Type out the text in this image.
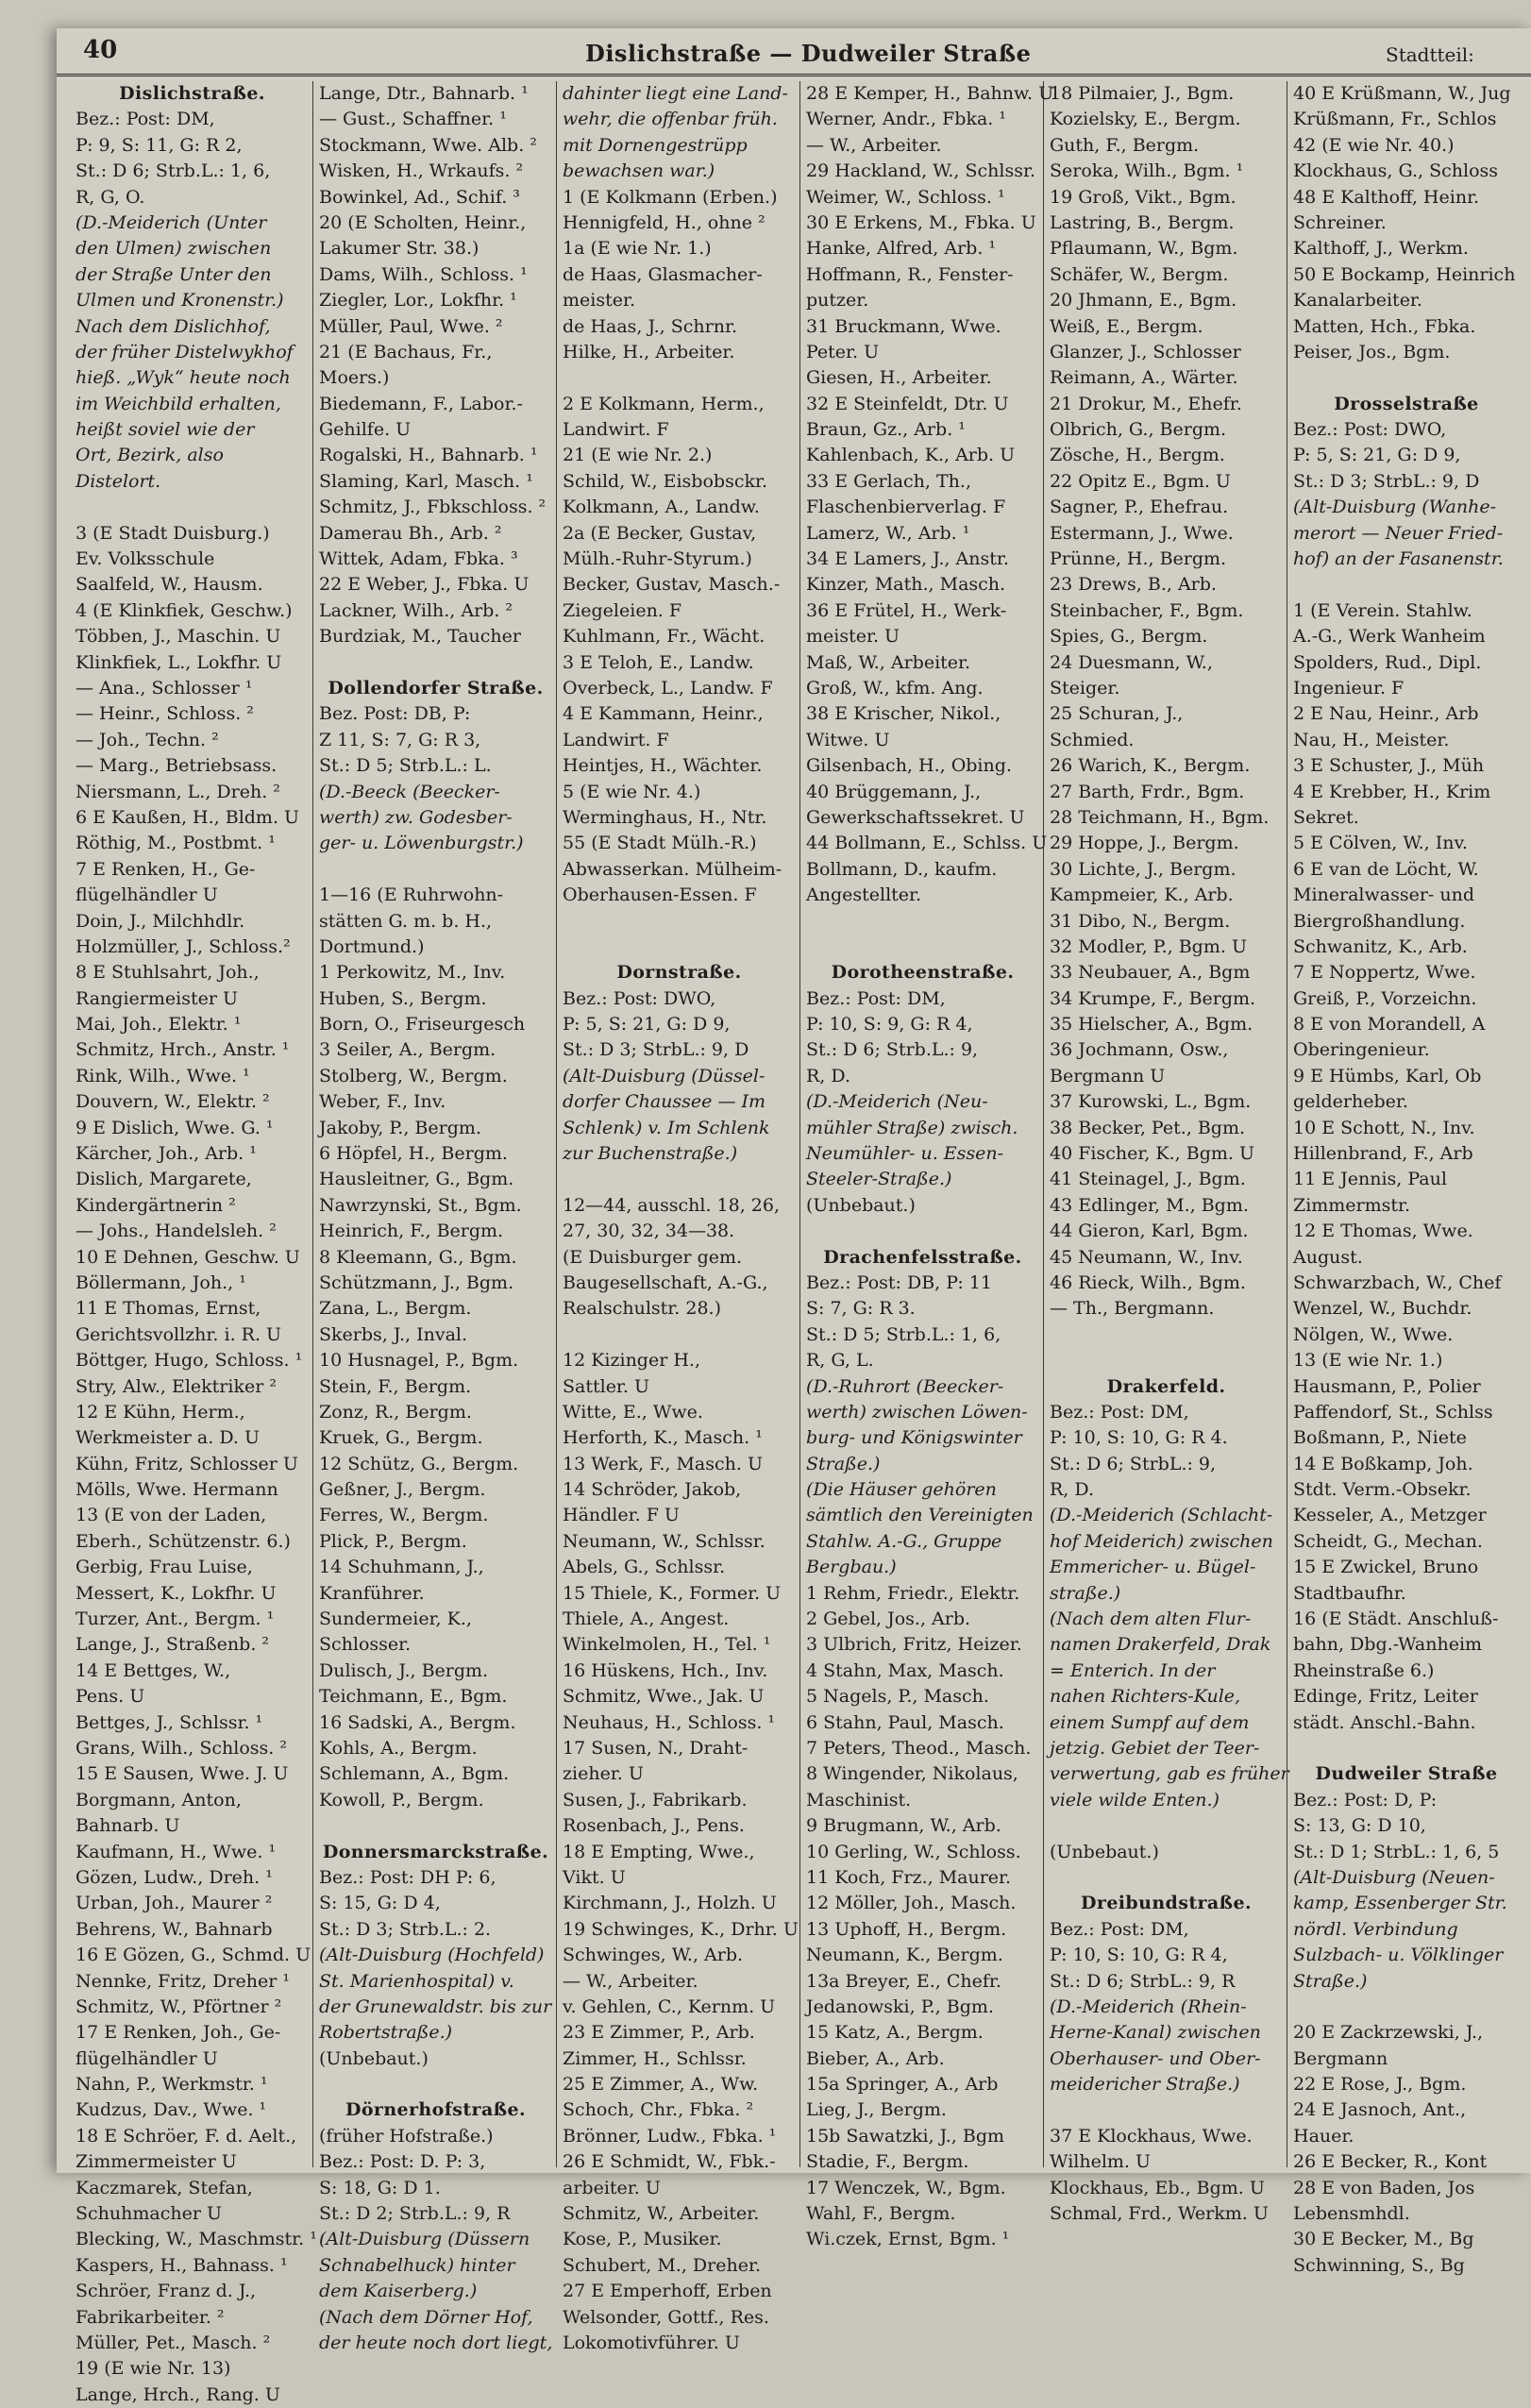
40	Dislichstraße — Dudweiler Straße	Stadtteil:
Dislichstraße.
Bez.: Post: DM,
P: 9, S: 11, G: R 2,
St.: D 6; Strb.L.: 1, 6,
R, G, O.
(D.-Meiderich (Unter
den Ulmen) zwischen
der Straße Unter den
Ulmen und Kronenstr.)
Nach dem Dislichhof,
der früher Distelwykhof
hieß. „Wyk“ heute noch
im Weichbild erhalten,
heißt soviel wie der
Ort, Bezirk, also
Distelort.
3 (E Stadt Duisburg.)
Ev. Volksschule
Saalfeld, W., Hausm.
4 (E Klinkfiek, Geschw.)
Többen, J., Maschin. U
Klinkfiek, L., Lokfhr. U
— Ana., Schlosser ¹
— Heinr., Schloss. ²
— Joh., Techn. ²
— Marg., Betriebsass.
Niersmann, L., Dreh. ²
6 E Kaußen, H., Bldm. U
Röthig, M., Postbmt. ¹
7 E Renken, H., Ge-
flügelhändler U
Doin, J., Milchhdlr.
Holzmüller, J., Schloss.²
8 E Stuhlsahrt, Joh.,
Rangiermeister U
Mai, Joh., Elektr. ¹
Schmitz, Hrch., Anstr. ¹
Rink, Wilh., Wwe. ¹
Douvern, W., Elektr. ²
9 E Dislich, Wwe. G. ¹
Kärcher, Joh., Arb. ¹
Dislich, Margarete,
Kindergärtnerin ²
— Johs., Handelsleh. ²
10 E Dehnen, Geschw. U
Böllermann, Joh., ¹
11 E Thomas, Ernst,
Gerichtsvollzhr. i. R. U
Böttger, Hugo, Schloss. ¹
Stry, Alw., Elektriker ²
12 E Kühn, Herm.,
Werkmeister a. D. U
Kühn, Fritz, Schlosser U
Mölls, Wwe. Hermann
13 (E von der Laden,
Eberh., Schützenstr. 6.)
Gerbig, Frau Luise,
Messert, K., Lokfhr. U
Turzer, Ant., Bergm. ¹
Lange, J., Straßenb. ²
14 E Bettges, W.,
Pens. U
Bettges, J., Schlssr. ¹
Grans, Wilh., Schloss. ²
15 E Sausen, Wwe. J. U
Borgmann, Anton,
Bahnarb. U
Kaufmann, H., Wwe. ¹
Gözen, Ludw., Dreh. ¹
Urban, Joh., Maurer ²
Behrens, W., Bahnarb
16 E Gözen, G., Schmd. U
Nennke, Fritz, Dreher ¹
Schmitz, W., Pförtner ²
17 E Renken, Joh., Ge-
flügelhändler U
Nahn, P., Werkmstr. ¹
Kudzus, Dav., Wwe. ¹
18 E Schröer, F. d. Aelt.,
Zimmermeister U
Kaczmarek, Stefan,
Schuhmacher U
Blecking, W., Maschmstr. ¹
Kaspers, H., Bahnass. ¹
Schröer, Franz d. J.,
Fabrikarbeiter. ²
Müller, Pet., Masch. ²
19 (E wie Nr. 13)
Lange, Hrch., Rang. U
Lange, Dtr., Bahnarb. ¹
— Gust., Schaffner. ¹
Stockmann, Wwe. Alb. ²
Wisken, H., Wrkaufs. ²
Bowinkel, Ad., Schif. ³
20 (E Scholten, Heinr.,
Lakumer Str. 38.)
Dams, Wilh., Schloss. ¹
Ziegler, Lor., Lokfhr. ¹
Müller, Paul, Wwe. ²
21 (E Bachaus, Fr.,
Moers.)
Biedemann, F., Labor.-
Gehilfe. U
Rogalski, H., Bahnarb. ¹
Slaming, Karl, Masch. ¹
Schmitz, J., Fbkschloss. ²
Damerau Bh., Arb. ²
Wittek, Adam, Fbka. ³
22 E Weber, J., Fbka. U
Lackner, Wilh., Arb. ²
Burdziak, M., Taucher
Dollendorfer Straße.
Bez. Post: DB, P:
Z 11, S: 7, G: R 3,
St.: D 5; Strb.L.: L.
(D.-Beeck (Beecker-
werth) zw. Godesber-
ger- u. Löwenburgstr.)
1—16 (E Ruhrwohn-
stätten G. m. b. H.,
Dortmund.)
1 Perkowitz, M., Inv.
Huben, S., Bergm.
Born, O., Friseurgesch
3 Seiler, A., Bergm.
Stolberg, W., Bergm.
Weber, F., Inv.
Jakoby, P., Bergm.
6 Höpfel, H., Bergm.
Hausleitner, G., Bgm.
Nawrzynski, St., Bgm.
Heinrich, F., Bergm.
8 Kleemann, G., Bgm.
Schützmann, J., Bgm.
Zana, L., Bergm.
Skerbs, J., Inval.
10 Husnagel, P., Bgm.
Stein, F., Bergm.
Zonz, R., Bergm.
Kruek, G., Bergm.
12 Schütz, G., Bergm.
Geßner, J., Bergm.
Ferres, W., Bergm.
Plick, P., Bergm.
14 Schuhmann, J.,
Kranführer.
Sundermeier, K.,
Schlosser.
Dulisch, J., Bergm.
Teichmann, E., Bgm.
16 Sadski, A., Bergm.
Kohls, A., Bergm.
Schlemann, A., Bgm.
Kowoll, P., Bergm.
Donnersmarckstraße.
Bez.: Post: DH P: 6,
S: 15, G: D 4,
St.: D 3; Strb.L.: 2.
(Alt-Duisburg (Hochfeld)
St. Marienhospital) v.
der Grunewaldstr. bis zur
Robertstraße.)
(Unbebaut.)
Dörnerhofstraße.
(früher Hofstraße.)
Bez.: Post: D. P: 3,
S: 18, G: D 1.
St.: D 2; Strb.L.: 9, R
(Alt-Duisburg (Düssern
Schnabelhuck) hinter
dem Kaiserberg.)
(Nach dem Dörner Hof,
der heute noch dort liegt,
dahinter liegt eine Land-
wehr, die offenbar früh.
mit Dornengestrüpp
bewachsen war.)
1 (E Kolkmann (Erben.)
Hennigfeld, H., ohne ²
1a (E wie Nr. 1.)
de Haas, Glasmacher-
meister.
de Haas, J., Schrnr.
Hilke, H., Arbeiter.
2 E Kolkmann, Herm.,
Landwirt. F
21 (E wie Nr. 2.)
Schild, W., Eisbobsckr.
Kolkmann, A., Landw.
2a (E Becker, Gustav,
Mülh.-Ruhr-Styrum.)
Becker, Gustav, Masch.-
Ziegeleien. F
Kuhlmann, Fr., Wächt.
3 E Teloh, E., Landw.
Overbeck, L., Landw. F
4 E Kammann, Heinr.,
Landwirt. F
Heintjes, H., Wächter.
5 (E wie Nr. 4.)
Werminghaus, H., Ntr.
55 (E Stadt Mülh.-R.)
Abwasserkan. Mülheim-
Oberhausen-Essen. F
Dornstraße.
Bez.: Post: DWO,
P: 5, S: 21, G: D 9,
St.: D 3; StrbL.: 9, D
(Alt-Duisburg (Düssel-
dorfer Chaussee — Im
Schlenk) v. Im Schlenk
zur Buchenstraße.)
12—44, ausschl. 18, 26,
27, 30, 32, 34—38.
(E Duisburger gem.
Baugesellschaft, A.-G.,
Realschulstr. 28.)
12 Kizinger H.,
Sattler. U
Witte, E., Wwe.
Herforth, K., Masch. ¹
13 Werk, F., Masch. U
14 Schröder, Jakob,
Händler. F U
Neumann, W., Schlssr.
Abels, G., Schlssr.
15 Thiele, K., Former. U
Thiele, A., Angest.
Winkelmolen, H., Tel. ¹
16 Hüskens, Hch., Inv.
Schmitz, Wwe., Jak. U
Neuhaus, H., Schloss. ¹
17 Susen, N., Draht-
zieher. U
Susen, J., Fabrikarb.
Rosenbach, J., Pens.
18 E Empting, Wwe.,
Vikt. U
Kirchmann, J., Holzh. U
19 Schwinges, K., Drhr. U
Schwinges, W., Arb.
— W., Arbeiter.
v. Gehlen, C., Kernm. U
23 E Zimmer, P., Arb.
Zimmer, H., Schlssr.
25 E Zimmer, A., Ww.
Schoch, Chr., Fbka. ²
Brönner, Ludw., Fbka. ¹
26 E Schmidt, W., Fbk.-
arbeiter. U
Schmitz, W., Arbeiter.
Kose, P., Musiker.
Schubert, M., Dreher.
27 E Emperhoff, Erben
Welsonder, Gottf., Res.
Lokomotivführer. U
28 E Kemper, H., Bahnw. U
Werner, Andr., Fbka. ¹
— W., Arbeiter.
29 Hackland, W., Schlssr.
Weimer, W., Schloss. ¹
30 E Erkens, M., Fbka. U
Hanke, Alfred, Arb. ¹
Hoffmann, R., Fenster-
putzer.
31 Bruckmann, Wwe.
Peter. U
Giesen, H., Arbeiter.
32 E Steinfeldt, Dtr. U
Braun, Gz., Arb. ¹
Kahlenbach, K., Arb. U
33 E Gerlach, Th.,
Flaschenbierverlag. F
Lamerz, W., Arb. ¹
34 E Lamers, J., Anstr.
Kinzer, Math., Masch.
36 E Frütel, H., Werk-
meister. U
Maß, W., Arbeiter.
Groß, W., kfm. Ang.
38 E Krischer, Nikol.,
Witwe. U
Gilsenbach, H., Obing.
40 Brüggemann, J.,
Gewerkschaftssekret. U
44 Bollmann, E., Schlss. U
Bollmann, D., kaufm.
Angestellter.
Dorotheenstraße.
Bez.: Post: DM,
P: 10, S: 9, G: R 4,
St.: D 6; Strb.L.: 9,
R, D.
(D.-Meiderich (Neu-
mühler Straße) zwisch.
Neumühler- u. Essen-
Steeler-Straße.)
(Unbebaut.)
Drachenfelsstraße.
Bez.: Post: DB, P: 11
S: 7, G: R 3.
St.: D 5; Strb.L.: 1, 6,
R, G, L.
(D.-Ruhrort (Beecker-
werth) zwischen Löwen-
burg- und Königswinter
Straße.)
(Die Häuser gehören
sämtlich den Vereinigten
Stahlw. A.-G., Gruppe
Bergbau.)
1 Rehm, Friedr., Elektr.
2 Gebel, Jos., Arb.
3 Ulbrich, Fritz, Heizer.
4 Stahn, Max, Masch.
5 Nagels, P., Masch.
6 Stahn, Paul, Masch.
7 Peters, Theod., Masch.
8 Wingender, Nikolaus,
Maschinist.
9 Brugmann, W., Arb.
10 Gerling, W., Schloss.
11 Koch, Frz., Maurer.
12 Möller, Joh., Masch.
13 Uphoff, H., Bergm.
Neumann, K., Bergm.
13a Breyer, E., Chefr.
Jedanowski, P., Bgm.
15 Katz, A., Bergm.
Bieber, A., Arb.
15a Springer, A., Arb
Lieg, J., Bergm.
15b Sawatzki, J., Bgm
Stadie, F., Bergm.
17 Wenczek, W., Bgm.
Wahl, F., Bergm.
Wi.czek, Ernst, Bgm. ¹
18 Pilmaier, J., Bgm.
Kozielsky, E., Bergm.
Guth, F., Bergm.
Seroka, Wilh., Bgm. ¹
19 Groß, Vikt., Bgm.
Lastring, B., Bergm.
Pflaumann, W., Bgm.
Schäfer, W., Bergm.
20 Jhmann, E., Bgm.
Weiß, E., Bergm.
Glanzer, J., Schlosser
Reimann, A., Wärter.
21 Drokur, M., Ehefr.
Olbrich, G., Bergm.
Zösche, H., Bergm.
22 Opitz E., Bgm. U
Sagner, P., Ehefrau.
Estermann, J., Wwe.
Prünne, H., Bergm.
23 Drews, B., Arb.
Steinbacher, F., Bgm.
Spies, G., Bergm.
24 Duesmann, W.,
Steiger.
25 Schuran, J.,
Schmied.
26 Warich, K., Bergm.
27 Barth, Frdr., Bgm.
28 Teichmann, H., Bgm.
29 Hoppe, J., Bergm.
30 Lichte, J., Bergm.
Kampmeier, K., Arb.
31 Dibo, N., Bergm.
32 Modler, P., Bgm. U
33 Neubauer, A., Bgm
34 Krumpe, F., Bergm.
35 Hielscher, A., Bgm.
36 Jochmann, Osw.,
Bergmann U
37 Kurowski, L., Bgm.
38 Becker, Pet., Bgm.
40 Fischer, K., Bgm. U
41 Steinagel, J., Bgm.
43 Edlinger, M., Bgm.
44 Gieron, Karl, Bgm.
45 Neumann, W., Inv.
46 Rieck, Wilh., Bgm.
— Th., Bergmann.
Drakerfeld.
Bez.: Post: DM,
P: 10, S: 10, G: R 4.
St.: D 6; StrbL.: 9,
R, D.
(D.-Meiderich (Schlacht-
hof Meiderich) zwischen
Emmericher- u. Bügel-
straße.)
(Nach dem alten Flur-
namen Drakerfeld, Drak
= Enterich. In der
nahen Richters-Kule,
einem Sumpf auf dem
jetzig. Gebiet der Teer-
verwertung, gab es früher
viele wilde Enten.)
(Unbebaut.)
Dreibundstraße.
Bez.: Post: DM,
P: 10, S: 10, G: R 4,
St.: D 6; StrbL.: 9, R
(D.-Meiderich (Rhein-
Herne-Kanal) zwischen
Oberhauser- und Ober-
meidericher Straße.)
37 E Klockhaus, Wwe.
Wilhelm. U
Klockhaus, Eb., Bgm. U
Schmal, Frd., Werkm. U
40 E Krüßmann, W., Jug
Krüßmann, Fr., Schlos
42 (E wie Nr. 40.)
Klockhaus, G., Schloss
48 E Kalthoff, Heinr.
Schreiner.
Kalthoff, J., Werkm.
50 E Bockamp, Heinrich
Kanalarbeiter.
Matten, Hch., Fbka.
Peiser, Jos., Bgm.
Drosselstraße
Bez.: Post: DWO,
P: 5, S: 21, G: D 9,
St.: D 3; StrbL.: 9, D
(Alt-Duisburg (Wanhe-
merort — Neuer Fried-
hof) an der Fasanenstr.
1 (E Verein. Stahlw.
A.-G., Werk Wanheim
Spolders, Rud., Dipl.
Ingenieur. F
2 E Nau, Heinr., Arb
Nau, H., Meister.
3 E Schuster, J., Müh
4 E Krebber, H., Krim
Sekret.
5 E Cölven, W., Inv.
6 E van de Löcht, W.
Mineralwasser- und
Biergroßhandlung.
Schwanitz, K., Arb.
7 E Noppertz, Wwe.
Greiß, P., Vorzeichn.
8 E von Morandell, A
Oberingenieur.
9 E Hümbs, Karl, Ob
gelderheber.
10 E Schott, N., Inv.
Hillenbrand, F., Arb
11 E Jennis, Paul
Zimmermstr.
12 E Thomas, Wwe.
August.
Schwarzbach, W., Chef
Wenzel, W., Buchdr.
Nölgen, W., Wwe.
13 (E wie Nr. 1.)
Hausmann, P., Polier
Paffendorf, St., Schlss
Boßmann, P., Niete
14 E Boßkamp, Joh.
Stdt. Verm.-Obsekr.
Kesseler, A., Metzger
Scheidt, G., Mechan.
15 E Zwickel, Bruno
Stadtbaufhr.
16 (E Städt. Anschluß-
bahn, Dbg.-Wanheim
Rheinstraße 6.)
Edinge, Fritz, Leiter
städt. Anschl.-Bahn.
Dudweiler Straße
Bez.: Post: D, P:
S: 13, G: D 10,
St.: D 1; StrbL.: 1, 6, 5
(Alt-Duisburg (Neuen-
kamp, Essenberger Str.
nördl. Verbindung
Sulzbach- u. Völklinger
Straße.)
20 E Zackrzewski, J.,
Bergmann
22 E Rose, J., Bgm.
24 E Jasnoch, Ant.,
Hauer.
26 E Becker, R., Kont
28 E von Baden, Jos
Lebensmhdl.
30 E Becker, M., Bg
Schwinning, S., Bg
